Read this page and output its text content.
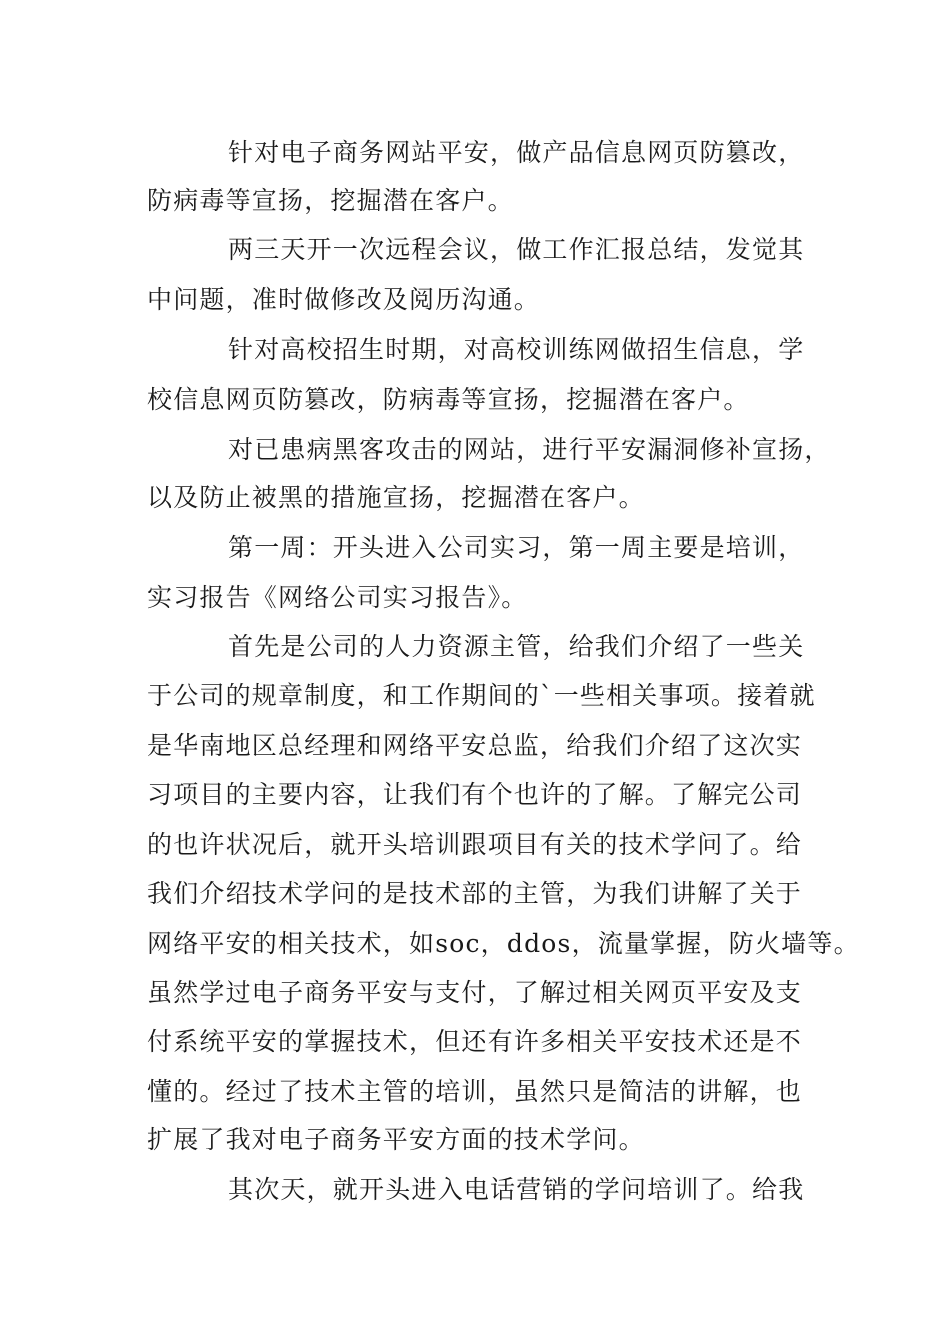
针对电子商务网站平安，做产品信息网页防篡改，
防病毒等宣扬，挖掘潜在客户。
两三天开一次远程会议，做工作汇报总结，发觉其
中问题，准时做修改及阅历沟通。
针对高校招生时期，对高校训练网做招生信息，学
校信息网页防篡改，防病毒等宣扬，挖掘潜在客户。
对已患病黑客攻击的网站，进行平安漏洞修补宣扬，
以及防止被黑的措施宣扬，挖掘潜在客户。
第一周：开头进入公司实习，第一周主要是培训，
实习报告《网络公司实习报告》。
首先是公司的人力资源主管，给我们介绍了一些关
于公司的规章制度，和工作期间的`一些相关事项。接着就
是华南地区总经理和网络平安总监，给我们介绍了这次实
习项目的主要内容，让我们有个也许的了解。了解完公司
的也许状况后，就开头培训跟项目有关的技术学问了。给
我们介绍技术学问的是技术部的主管，为我们讲解了关于
网络平安的相关技术，如soc，ddos，流量掌握，防火墙等。
虽然学过电子商务平安与支付，了解过相关网页平安及支
付系统平安的掌握技术，但还有许多相关平安技术还是不
懂的。经过了技术主管的培训，虽然只是简洁的讲解，也
扩展了我对电子商务平安方面的技术学问。
其次天，就开头进入电话营销的学问培训了。给我
